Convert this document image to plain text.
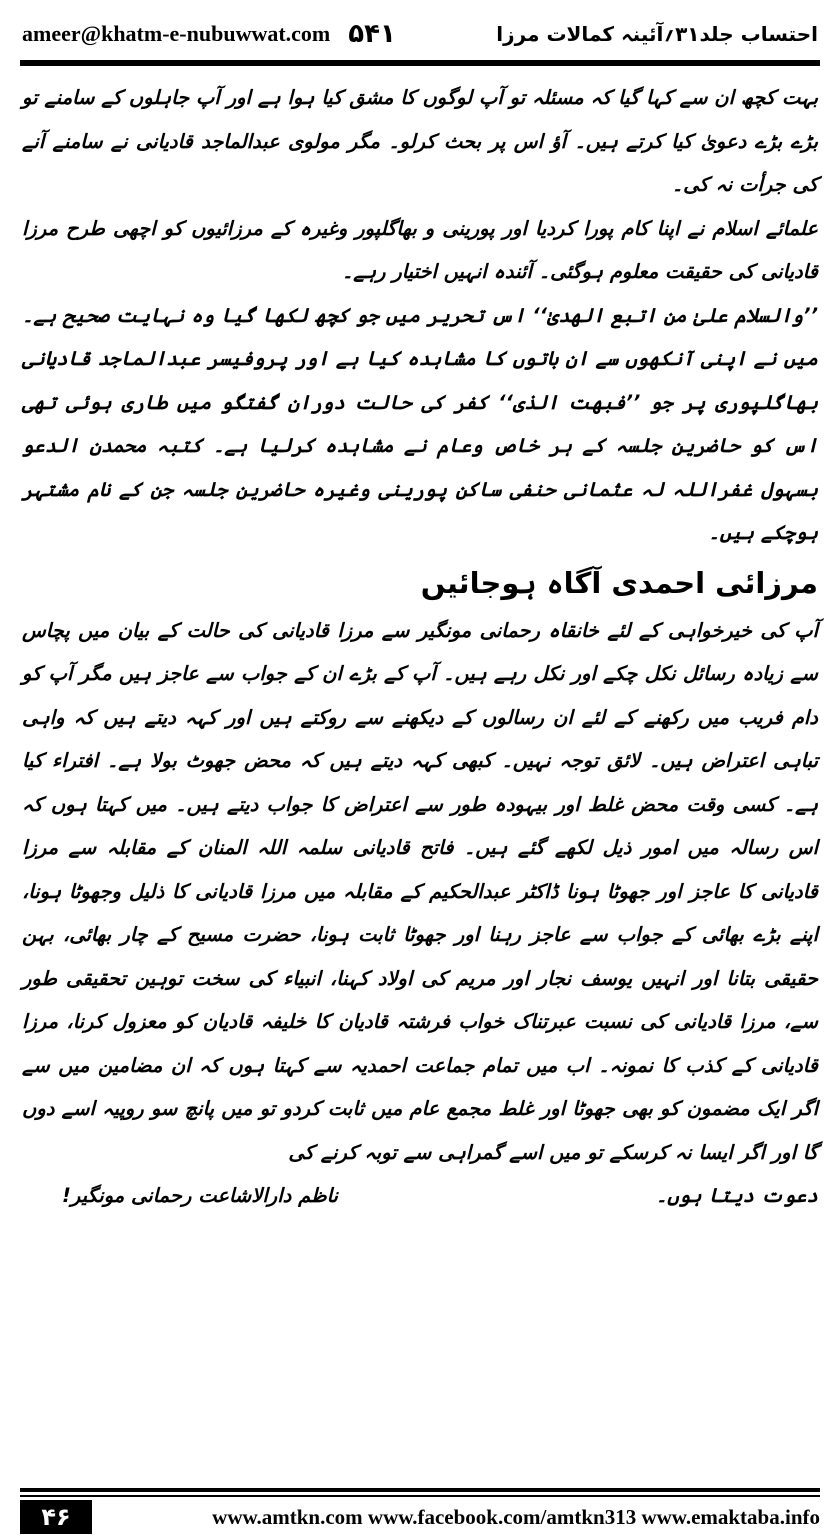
ameer@khatm-e-nubuwwat.com ۵۴۱	احتساب جلد۳۱؍آئینہ کمالات مرزا

بہت کچھ ان سے کہا گیا کہ مسئلہ تو آپ لوگوں کا مشق کیا ہوا ہے اور آپ جاہلوں کے سامنے تو بڑے بڑے دعویٰ کیا کرتے ہیں۔ آؤ اس پر بحث کرلو۔ مگر مولوی عبدالماجد قادیانی نے سامنے آنے کی جرأت نہ کی۔

علمائے اسلام نے اپنا کام پورا کردیا اور پورینی و بھاگلپور وغیرہ کے مرزائیوں کو اچھی طرح مرزا قادیانی کی حقیقت معلوم ہوگئی۔ آئندہ انہیں اختیار رہے۔

’’والسلام علیٰ من اتبع الھدیٰ‘‘ اس تحریر میں جو کچھ لکھا گیا وہ نہایت صحیح ہے۔ میں نے اپنی آنکھوں سے ان باتوں کا مشاہدہ کیا ہے اور پروفیسر عبدالماجد قادیانی بھاگلپوری پر جو ’’فبھت الذی‘‘ کفر کی حالت دوران گفتگو میں طاری ہوئی تھی اس کو حاضرین جلسہ کے ہر خاص وعام نے مشاہدہ کرلیا ہے۔ کتبہ محمدن الدعو بسہول غفراللہ لہ عثمانی حنفی ساکن پورینی وغیرہ حاضرین جلسہ جن کے نام مشتہر ہوچکے ہیں۔

مرزائی احمدی آگاہ ہوجائیں

آپ کی خیرخواہی کے لئے خانقاہ رحمانی مونگیر سے مرزا قادیانی کی حالت کے بیان میں پچاس سے زیادہ رسائل نکل چکے اور نکل رہے ہیں۔ آپ کے بڑے ان کے جواب سے عاجز ہیں مگر آپ کو دام فریب میں رکھنے کے لئے ان رسالوں کے دیکھنے سے روکتے ہیں اور کہہ دیتے ہیں کہ واہی تباہی اعتراض ہیں۔ لائق توجہ نہیں۔ کبھی کہہ دیتے ہیں کہ محض جھوٹ بولا ہے۔ افتراء کیا ہے۔ کسی وقت محض غلط اور بیہودہ طور سے اعتراض کا جواب دیتے ہیں۔ میں کہتا ہوں کہ اس رسالہ میں امور ذیل لکھے گئے ہیں۔ فاتح قادیانی سلمہ اللہ المنان کے مقابلہ سے مرزا قادیانی کا عاجز اور جھوٹا ہونا ڈاکٹر عبدالحکیم کے مقابلہ میں مرزا قادیانی کا ذلیل وجھوٹا ہونا، اپنے بڑے بھائی کے جواب سے عاجز رہنا اور جھوٹا ثابت ہونا، حضرت مسیح کے چار بھائی، بہن حقیقی بتانا اور انہیں یوسف نجار اور مریم کی اولاد کہنا، انبیاء کی سخت توہین تحقیقی طور سے، مرزا قادیانی کی نسبت عبرتناک خواب فرشتہ قادیان کا خلیفہ قادیان کو معزول کرنا، مرزا قادیانی کے کذب کا نمونہ۔ اب میں تمام جماعت احمدیہ سے کہتا ہوں کہ ان مضامین میں سے اگر ایک مضمون کو بھی جھوٹا اور غلط مجمع عام میں ثابت کردو تو میں پانچ سو روپیہ اسے دوں گا اور اگر ایسا نہ کرسکے تو میں اسے گمراہی سے توبہ کرنے کی

دعوت دیتا ہوں۔
ناظم دارالاشاعت رحمانی مونگیر!
۴۶	www.amtkn.com www.facebook.com/amtkn313 www.emaktaba.info
